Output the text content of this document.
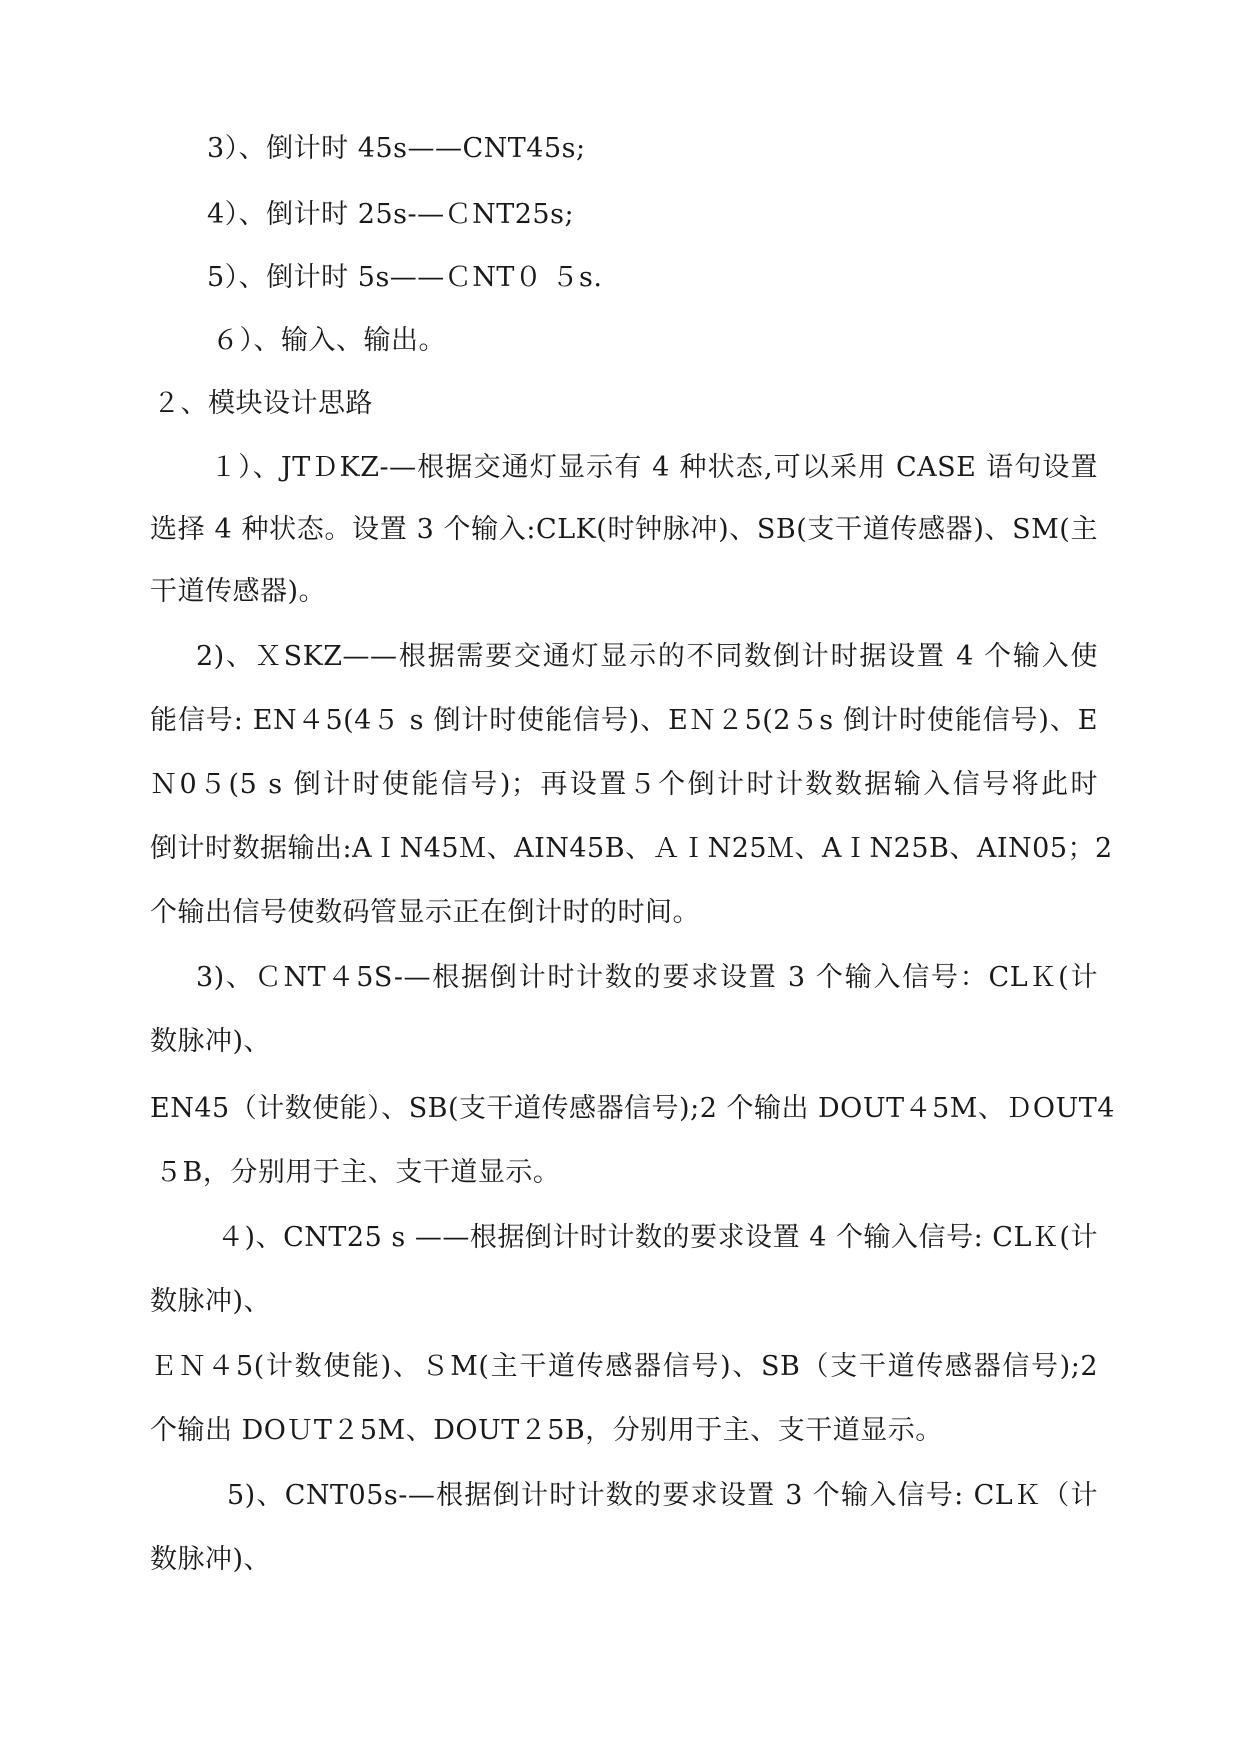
3）、倒计时 45s——CNT45s;
4）、倒计时 25s-—ＣNT25s;
5）、倒计时 5s——ＣNT０ ５s.
６）、输入、输出。
２、模块设计思路
１）、JTＤKZ-—根据交通灯显示有 4 种状态,可以采用 CASE 语句设置
选择 4 种状态。设置 3 个输入:CLK(时钟脉冲)、SB(支干道传感器)、SM(主
干道传感器)。
2)、ＸSKZ——根据需要交通灯显示的不同数倒计时据设置 4 个输入使
能信号: EN４5(4５ s 倒计时使能信号)、EＮ２5(2５s 倒计时使能信号)、E
Ｎ0５(5 s 倒计时使能信号)；再设置５个倒计时计数数据输入信号将此时
倒计时数据输出:AＩN45Ｍ、AIN45B、ＡＩN25Ｍ、AＩN25B、AIN05；2
个输出信号使数码管显示正在倒计时的时间。
3)、ＣNT４5S-—根据倒计时计数的要求设置 3 个输入信号：CLＫ(计
数脉冲)、
EN45（计数使能）、SB(支干道传感器信号);2 个输出 DOUT４5M、ＤOUT4
５B，分别用于主、支干道显示。
４)、CNT25 s ——根据倒计时计数的要求设置 4 个输入信号: CLＫ(计
数脉冲)、
ＥＮ４5(计数使能)、ＳM(主干道传感器信号)、SB（支干道传感器信号);2
个输出 DOＵT２5M、DOUT２5B，分别用于主、支干道显示。
5)、CNT05s-—根据倒计时计数的要求设置 3 个输入信号: CLＫ（计
数脉冲)、
